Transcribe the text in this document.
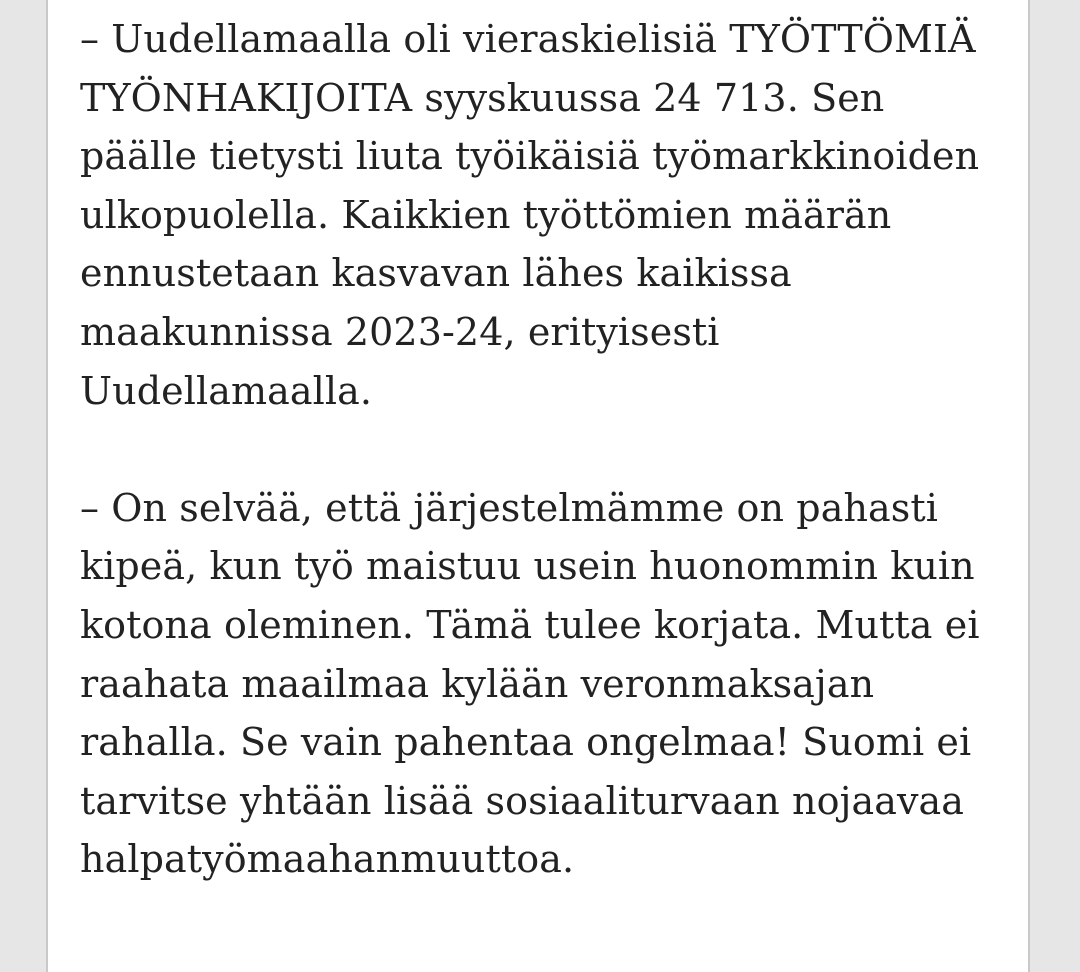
– Uudellamaalla oli vieraskielisiä TYÖTTÖMIÄ TYÖNHAKIJOITA syyskuussa 24 713. Sen päälle tietysti liuta työikäisiä työmarkkinoiden ulkopuolella. Kaikkien työttömien määrän ennustetaan kasvavan lähes kaikissa maakunnissa 2023-24, erityisesti Uudellamaalla.

– On selvää, että järjestelmämme on pahasti kipeä, kun työ maistuu usein huonommin kuin kotona oleminen. Tämä tulee korjata. Mutta ei raahata maailmaa kylään veronmaksajan rahalla. Se vain pahentaa ongelmaa! Suomi ei tarvitse yhtään lisää sosiaaliturvaan nojaavaa halpatyömaahanmuuttoa.
